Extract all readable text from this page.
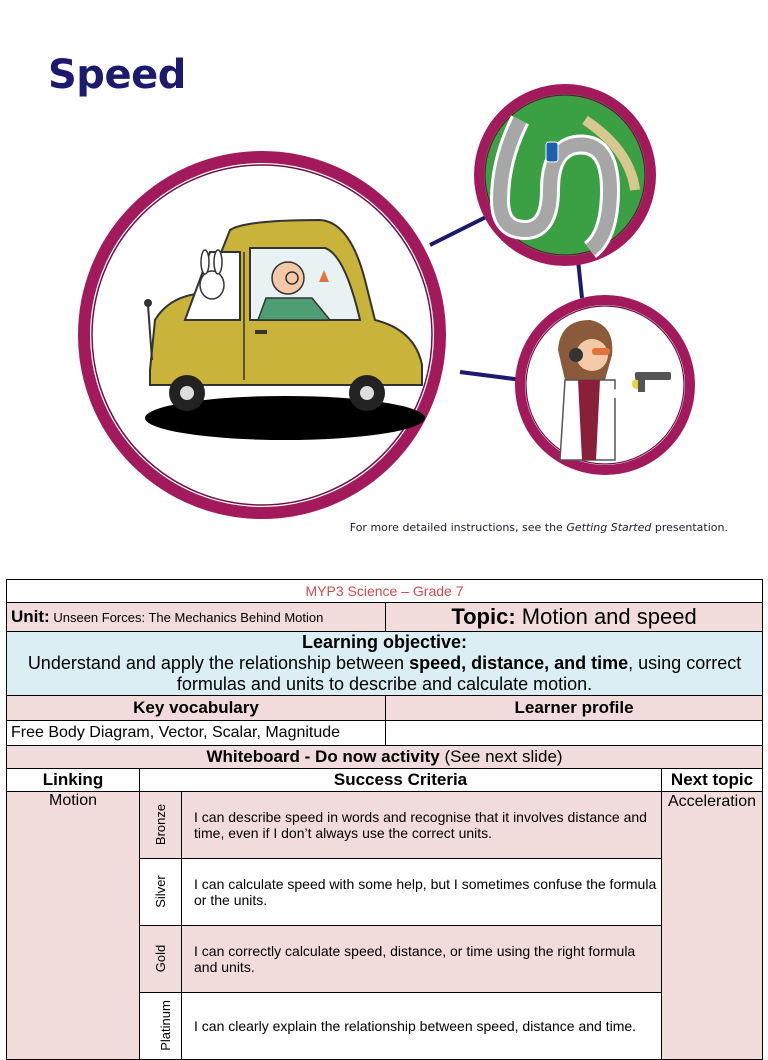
Speed
For more detailed instructions, see the Getting Started presentation.
MYP3 Science – Grade 7				
Unit: Unseen Forces: The Mechanics Behind Motion			Topic: Motion and speed	

Learning objective:
Understand and apply the relationship between speed, distance, and time, using correct formulas and units to describe and calculate motion.				
Key vocabulary			Learner profile	
Free Body Diagram, Vector, Scalar, Magnitude				
Whiteboard - Do now activity (See next slide)				
Linking	Success Criteria			Next topic
Motion	Bronze	I can describe speed in words and recognise that it involves distance and time, even if I don’t always use the correct units.		Acceleration
	Silver	I can calculate speed with some help, but I sometimes confuse the formula or the units.		
	Gold	I can correctly calculate speed, distance, or time using the right formula and units.		
	Platinum	I can clearly explain the relationship between speed, distance and time.		
